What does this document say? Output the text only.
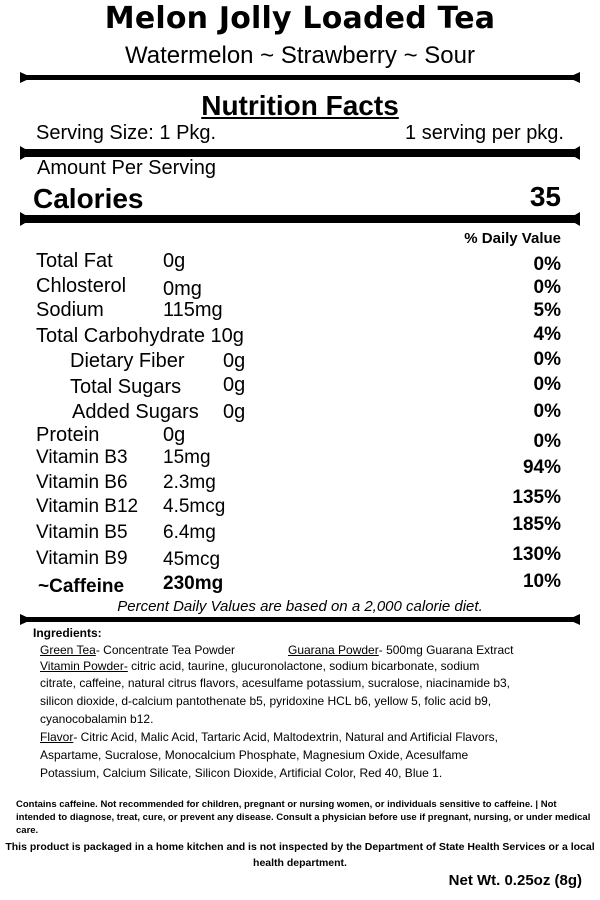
Melon Jolly Loaded Tea
Watermelon ~ Strawberry ~ Sour
Nutrition Facts
Serving Size: 1 Pkg.	1 serving per pkg.
Amount Per Serving
Calories	35
% Daily Value
Total Fat	0g	0%
Chlosterol 0mg	0%
Sodium	115mg	5%
Total Carbohydrate 10g	4%
Dietary Fiber 0g	0%
Total Sugars 0g	0%
Added Sugars 0g	0%
Protein	0g	0%
Vitamin B3 15mg	94%
Vitamin B6 2.3mg
Vitamin B12 4.5mcg	135%
Vitamin B5 6.4mg	185%
Vitamin B9 45mcg	130%
~Caffeine 230mg	10%
Percent Daily Values are based on a 2,000 calorie diet.
Ingredients:
Green Tea- Concentrate Tea Powder	Guarana Powder- 500mg Guarana Extract
Vitamin Powder- citric acid, taurine, glucuronolactone, sodium bicarbonate, sodium
citrate, caffeine, natural citrus flavors, acesulfame potassium, sucralose, niacinamide b3,
silicon dioxide, d-calcium pantothenate b5, pyridoxine HCL b6, yellow 5, folic acid b9,
cyanocobalamin b12.
Flavor- Citric Acid, Malic Acid, Tartaric Acid, Maltodextrin, Natural and Artificial Flavors,
Aspartame, Sucralose, Monocalcium Phosphate, Magnesium Oxide, Acesulfame
Potassium, Calcium Silicate, Silicon Dioxide, Artificial Color, Red 40, Blue 1.
Contains caffeine. Not recommended for children, pregnant or nursing women, or individuals sensitive to caffeine. | Not intended to diagnose, treat, cure, or prevent any disease. Consult a physician before use if pregnant, nursing, or under medical care.
This product is packaged in a home kitchen and is not inspected by the Department of State Health Services or a local health department.
Net Wt. 0.25oz (8g)
